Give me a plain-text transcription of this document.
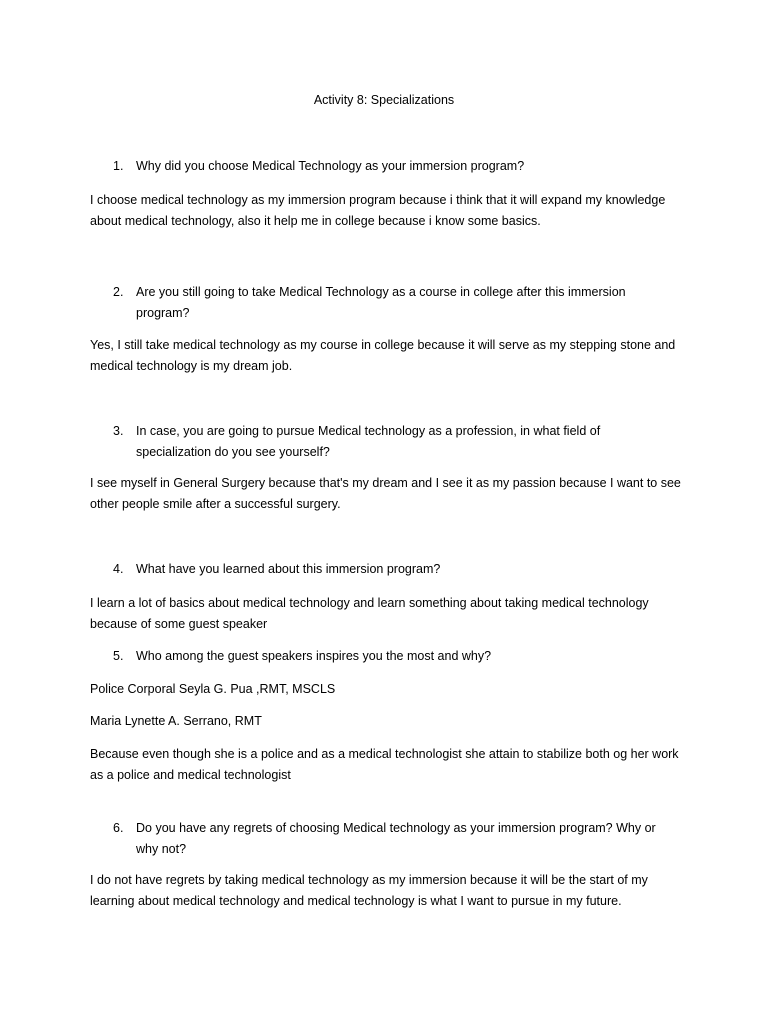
Activity 8: Specializations
1.	Why did you choose Medical Technology as your immersion program?
I choose medical technology as my immersion program because i think that it will expand my knowledge about medical technology, also it help me in college because i know some basics.
2.	Are you still going to take Medical Technology as a course in college after this immersion program?
Yes, I still take medical technology as my course in college because it will serve as my stepping stone and medical technology is my dream job.
3.	In case, you are going to pursue Medical technology as a profession, in what field of specialization do you see yourself?
I see myself in General Surgery because that's my dream and I see it as my passion because I want to see other people smile after a successful surgery.
4.	What have you learned about this immersion program?
I learn a lot of basics about medical technology and learn something about taking medical technology because of some guest speaker
5.	Who among the guest speakers inspires you the most and why?
Police Corporal Seyla G. Pua ,RMT, MSCLS
Maria Lynette A. Serrano, RMT
Because even though she is a police and as a medical technologist she attain to stabilize both og her work as a police and medical technologist
6.	Do you have any regrets of choosing Medical technology as your immersion program? Why or why not?
I do not have regrets by taking medical technology as my immersion because it will be the start of my learning about medical technology and medical technology is what I want to pursue in my future.
